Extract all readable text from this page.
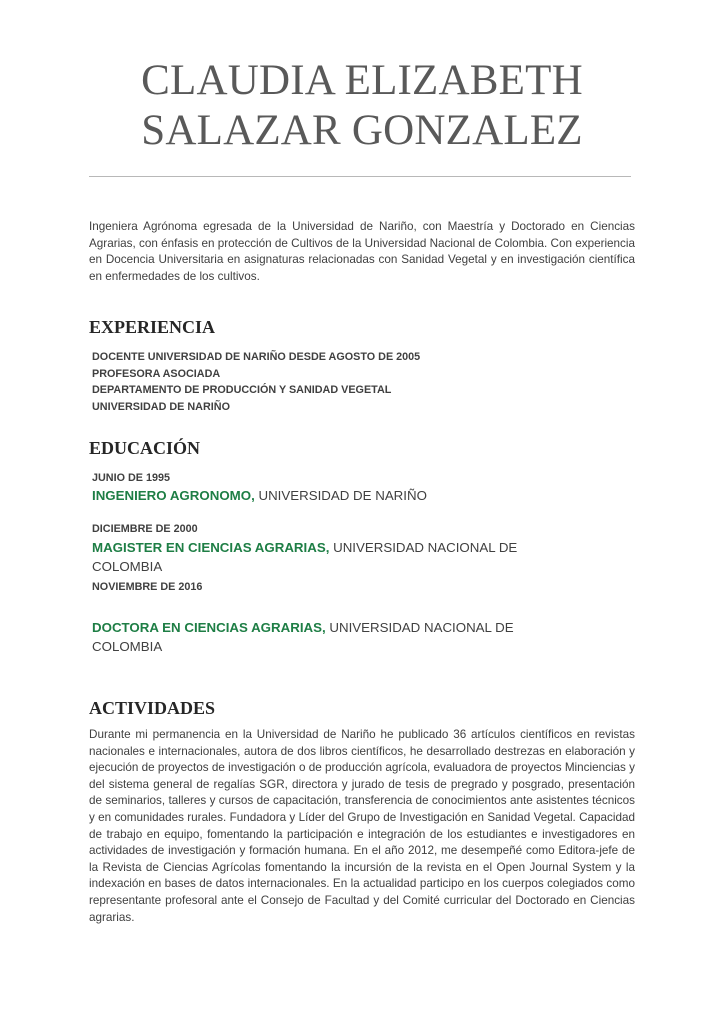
CLAUDIA ELIZABETH
SALAZAR GONZALEZ
Ingeniera Agrónoma egresada de la Universidad de Nariño, con Maestría y Doctorado en Ciencias Agrarias, con énfasis en protección de Cultivos de la Universidad Nacional de Colombia. Con experiencia en Docencia Universitaria en asignaturas relacionadas con Sanidad Vegetal y en investigación científica en enfermedades de los cultivos.
EXPERIENCIA
DOCENTE UNIVERSIDAD DE NARIÑO DESDE AGOSTO DE 2005
PROFESORA ASOCIADA
DEPARTAMENTO DE PRODUCCIÓN Y SANIDAD VEGETAL
UNIVERSIDAD DE NARIÑO
EDUCACIÓN
JUNIO DE 1995
INGENIERO AGRONOMO, UNIVERSIDAD DE NARIÑO
DICIEMBRE DE 2000
MAGISTER EN CIENCIAS AGRARIAS, UNIVERSIDAD NACIONAL DE COLOMBIA
NOVIEMBRE DE 2016
DOCTORA EN CIENCIAS AGRARIAS, UNIVERSIDAD NACIONAL DE COLOMBIA
ACTIVIDADES
Durante mi permanencia en la Universidad de Nariño he publicado 36 artículos científicos en revistas nacionales e internacionales, autora de dos libros científicos, he desarrollado destrezas en elaboración y ejecución de proyectos de investigación o de producción agrícola, evaluadora de proyectos Minciencias y del sistema general de regalías SGR, directora y jurado de tesis de pregrado y posgrado, presentación de seminarios, talleres y cursos de capacitación, transferencia de conocimientos ante asistentes técnicos y en comunidades rurales. Fundadora y Líder del Grupo de Investigación en Sanidad Vegetal. Capacidad de trabajo en equipo, fomentando la participación e integración de los estudiantes e investigadores en actividades de investigación y formación humana. En el año 2012, me desempeñé como Editora-jefe de la Revista de Ciencias Agrícolas fomentando la incursión de la revista en el Open Journal System y la indexación en bases de datos internacionales. En la actualidad participo en los cuerpos colegiados como representante profesoral ante el Consejo de Facultad y del Comité curricular del Doctorado en Ciencias agrarias.
